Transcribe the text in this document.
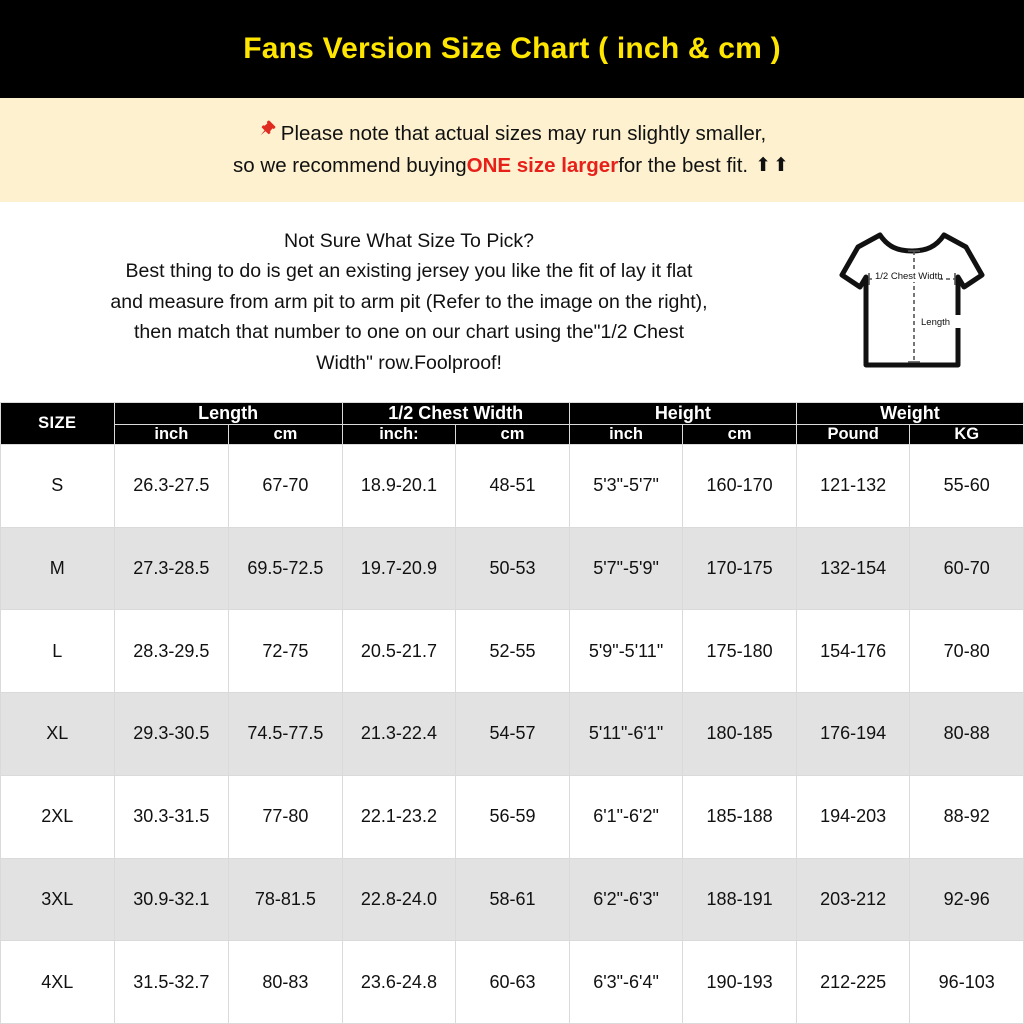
Fans Version Size Chart ( inch & cm )
Please note that actual sizes may run slightly smaller,
so we recommend buying ONE size larger for the best fit. ⬆⬆
Not Sure What Size To Pick?
Best thing to do is get an existing jersey you like the fit of lay it flat
and measure from arm pit to arm pit (Refer to the image on the right),
then match that number to one on our chart using the"1/2 Chest
Width" row.Foolproof!
1/2 Chest Width
Length
SIZE	Length		1/2 Chest Width		Height		Weight	
	inch	cm	inch:	cm	inch	cm	Pound	KG
S	26.3-27.5	67-70	18.9-20.1	48-51	5'3"-5'7"	160-170	121-132	55-60
M	27.3-28.5	69.5-72.5	19.7-20.9	50-53	5'7"-5'9"	170-175	132-154	60-70
L	28.3-29.5	72-75	20.5-21.7	52-55	5'9"-5'11"	175-180	154-176	70-80
XL	29.3-30.5	74.5-77.5	21.3-22.4	54-57	5'11"-6'1"	180-185	176-194	80-88
2XL	30.3-31.5	77-80	22.1-23.2	56-59	6'1"-6'2"	185-188	194-203	88-92
3XL	30.9-32.1	78-81.5	22.8-24.0	58-61	6'2"-6'3"	188-191	203-212	92-96
4XL	31.5-32.7	80-83	23.6-24.8	60-63	6'3"-6'4"	190-193	212-225	96-103
